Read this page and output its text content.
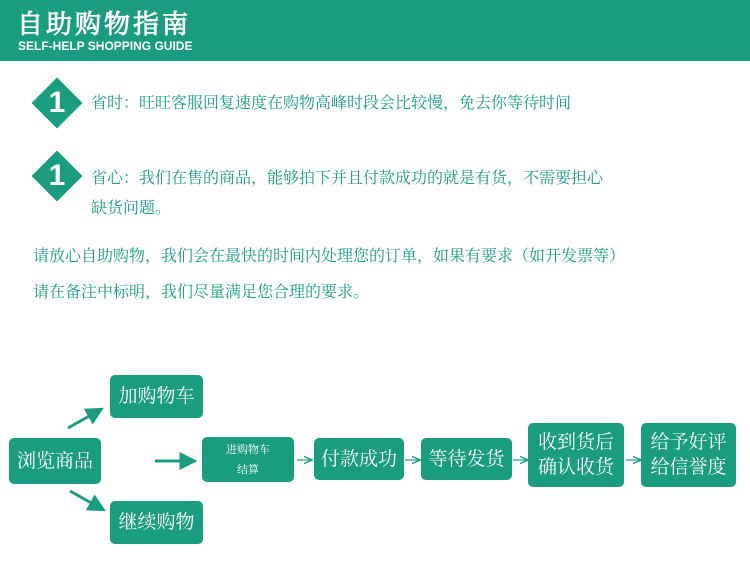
自助购物指南
SELF-HELP SHOPPING GUIDE
1	省时：旺旺客服回复速度在购物高峰时段会比较慢，免去你等待时间
1	省心：我们在售的商品，能够拍下并且付款成功的就是有货，不需要担心
缺货问题。
请放心自助购物，我们会在最快的时间内处理您的订单，如果有要求（如开发票等）
请在备注中标明，我们尽量满足您合理的要求。
浏览商品
加购物车
继续购物
进购物车
结算	付款成功 等待发货
收到货后
确认收货
给予好评
给信誉度
